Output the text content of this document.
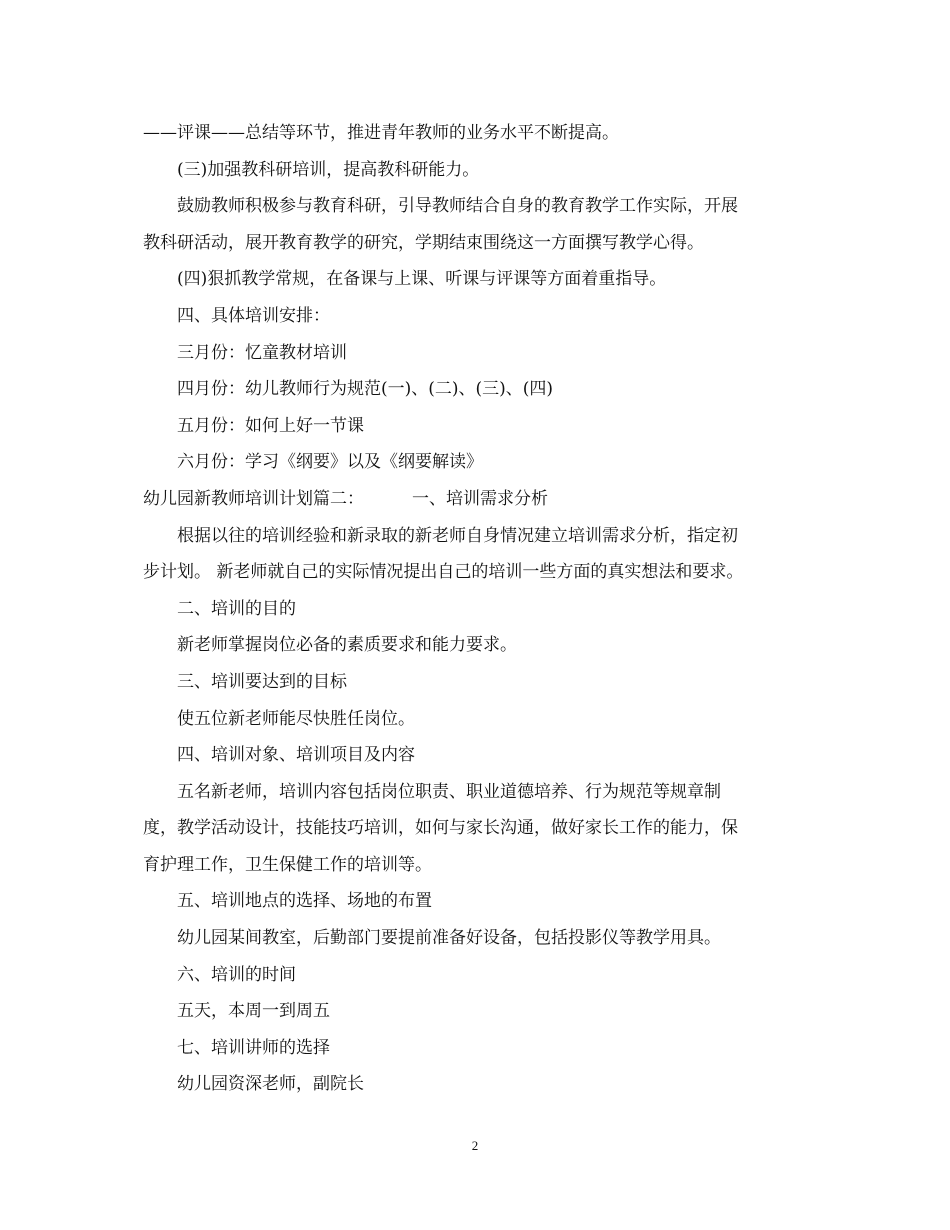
——评课——总结等环节，推进青年教师的业务水平不断提高。

(三)加强教科研培训，提高教科研能力。

鼓励教师积极参与教育科研，引导教师结合自身的教育教学工作实际，开展

教科研活动，展开教育教学的研究，学期结束围绕这一方面撰写教学心得。

(四)狠抓教学常规，在备课与上课、听课与评课等方面着重指导。

四、具体培训安排：

三月份：忆童教材培训

四月份：幼儿教师行为规范(一)、(二)、(三)、(四)

五月份：如何上好一节课

六月份：学习《纲要》以及《纲要解读》

幼儿园新教师培训计划篇二：	一、培训需求分析

根据以往的培训经验和新录取的新老师自身情况建立培训需求分析，指定初

步计划。 新老师就自己的实际情况提出自己的培训一些方面的真实想法和要求。

二、培训的目的

新老师掌握岗位必备的素质要求和能力要求。

三、培训要达到的目标

使五位新老师能尽快胜任岗位。

四、培训对象、培训项目及内容

五名新老师，培训内容包括岗位职责、职业道德培养、行为规范等规章制

度，教学活动设计，技能技巧培训，如何与家长沟通，做好家长工作的能力，保

育护理工作，卫生保健工作的培训等。

五、培训地点的选择、场地的布置

幼儿园某间教室，后勤部门要提前准备好设备，包括投影仪等教学用具。

六、培训的时间

五天，本周一到周五

七、培训讲师的选择

幼儿园资深老师，副院长

2
